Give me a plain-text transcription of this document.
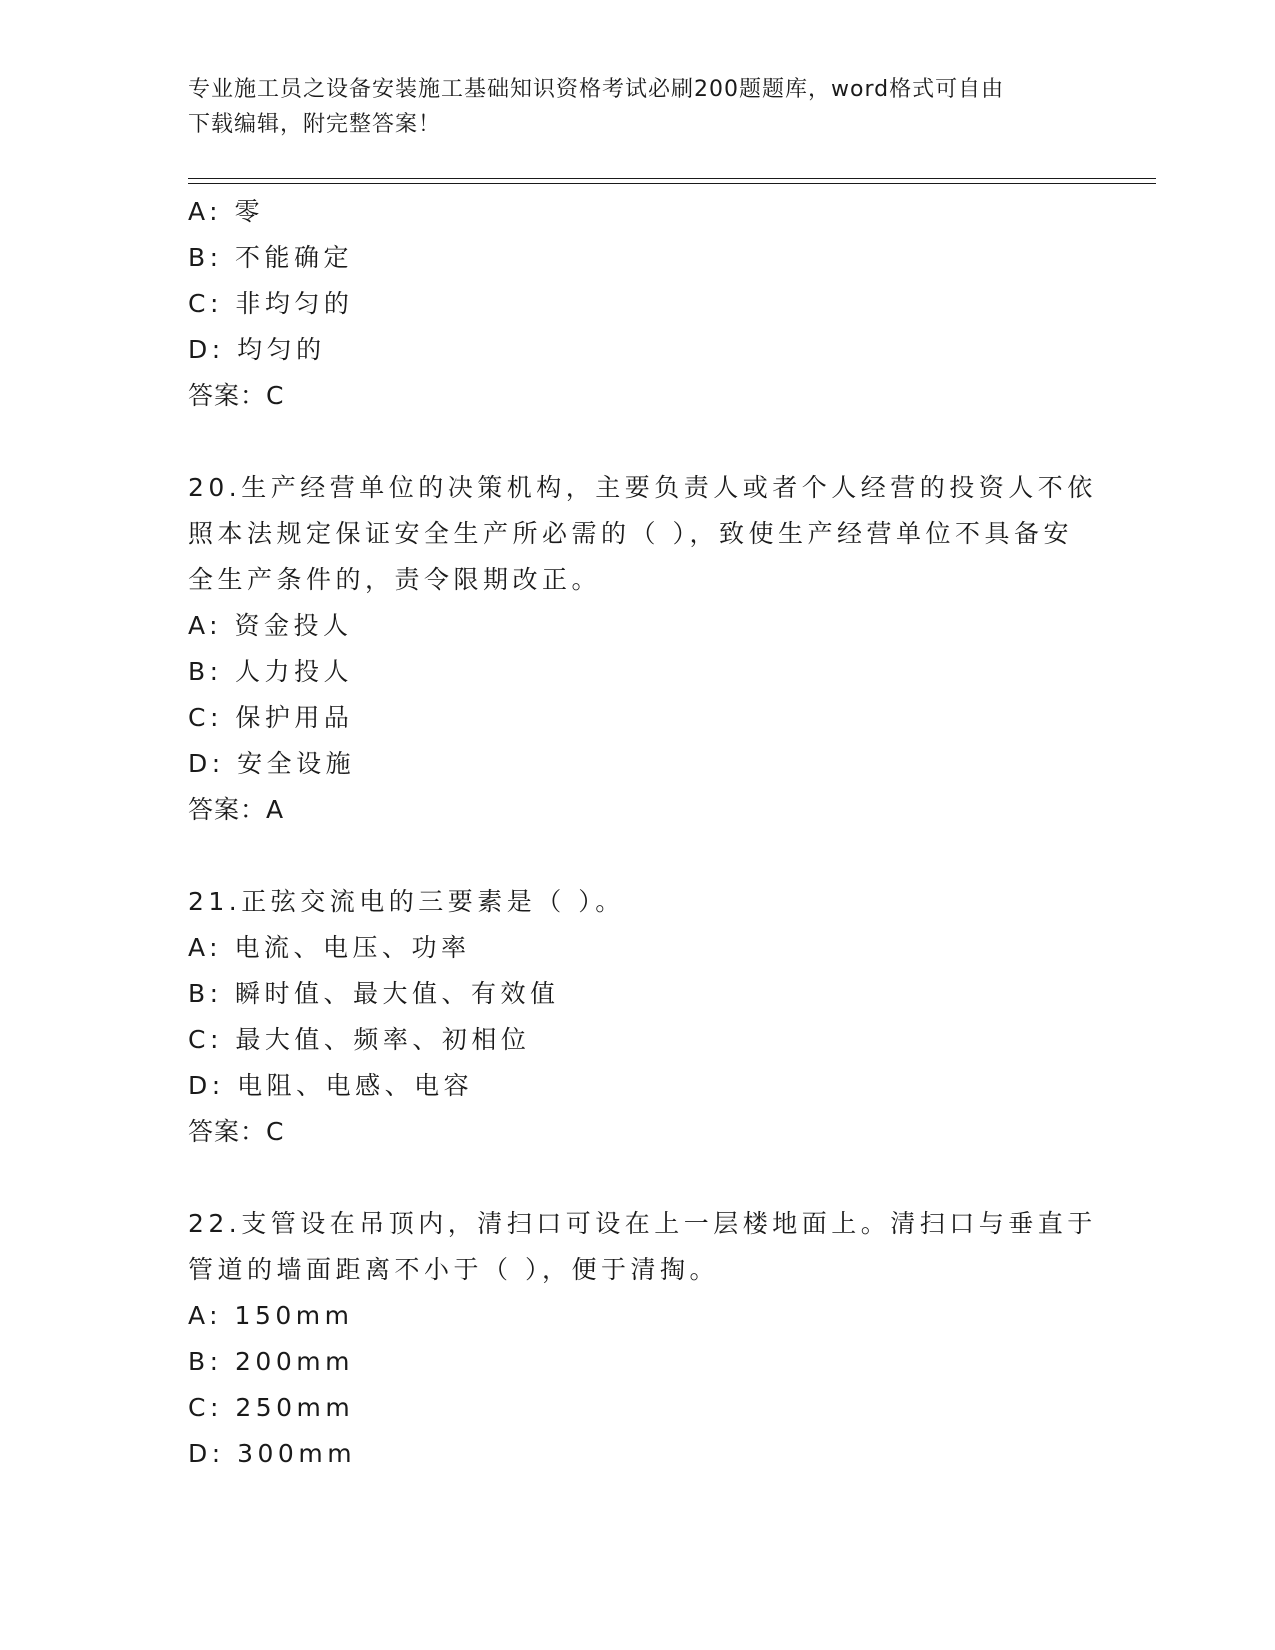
专业施工员之设备安装施工基础知识资格考试必刷200题题库，word格式可自由
下载编辑，附完整答案！
A: 零
B: 不能确定
C: 非均匀的
D: 均匀的
答案：C
20.生产经营单位的决策机构，主要负责人或者个人经营的投资人不依
照本法规定保证安全生产所必需的（ ），致使生产经营单位不具备安
全生产条件的，责令限期改正。
A: 资金投人
B: 人力投人
C: 保护用品
D: 安全设施
答案：A
21.正弦交流电的三要素是（ ）。
A: 电流、电压、功率
B: 瞬时值、最大值、有效值
C: 最大值、频率、初相位
D: 电阻、电感、电容
答案：C
22.支管设在吊顶内，清扫口可设在上一层楼地面上。清扫口与垂直于
管道的墙面距离不小于（ ），便于清掏。
A: 150mm
B: 200mm
C: 250mm
D: 300mm
